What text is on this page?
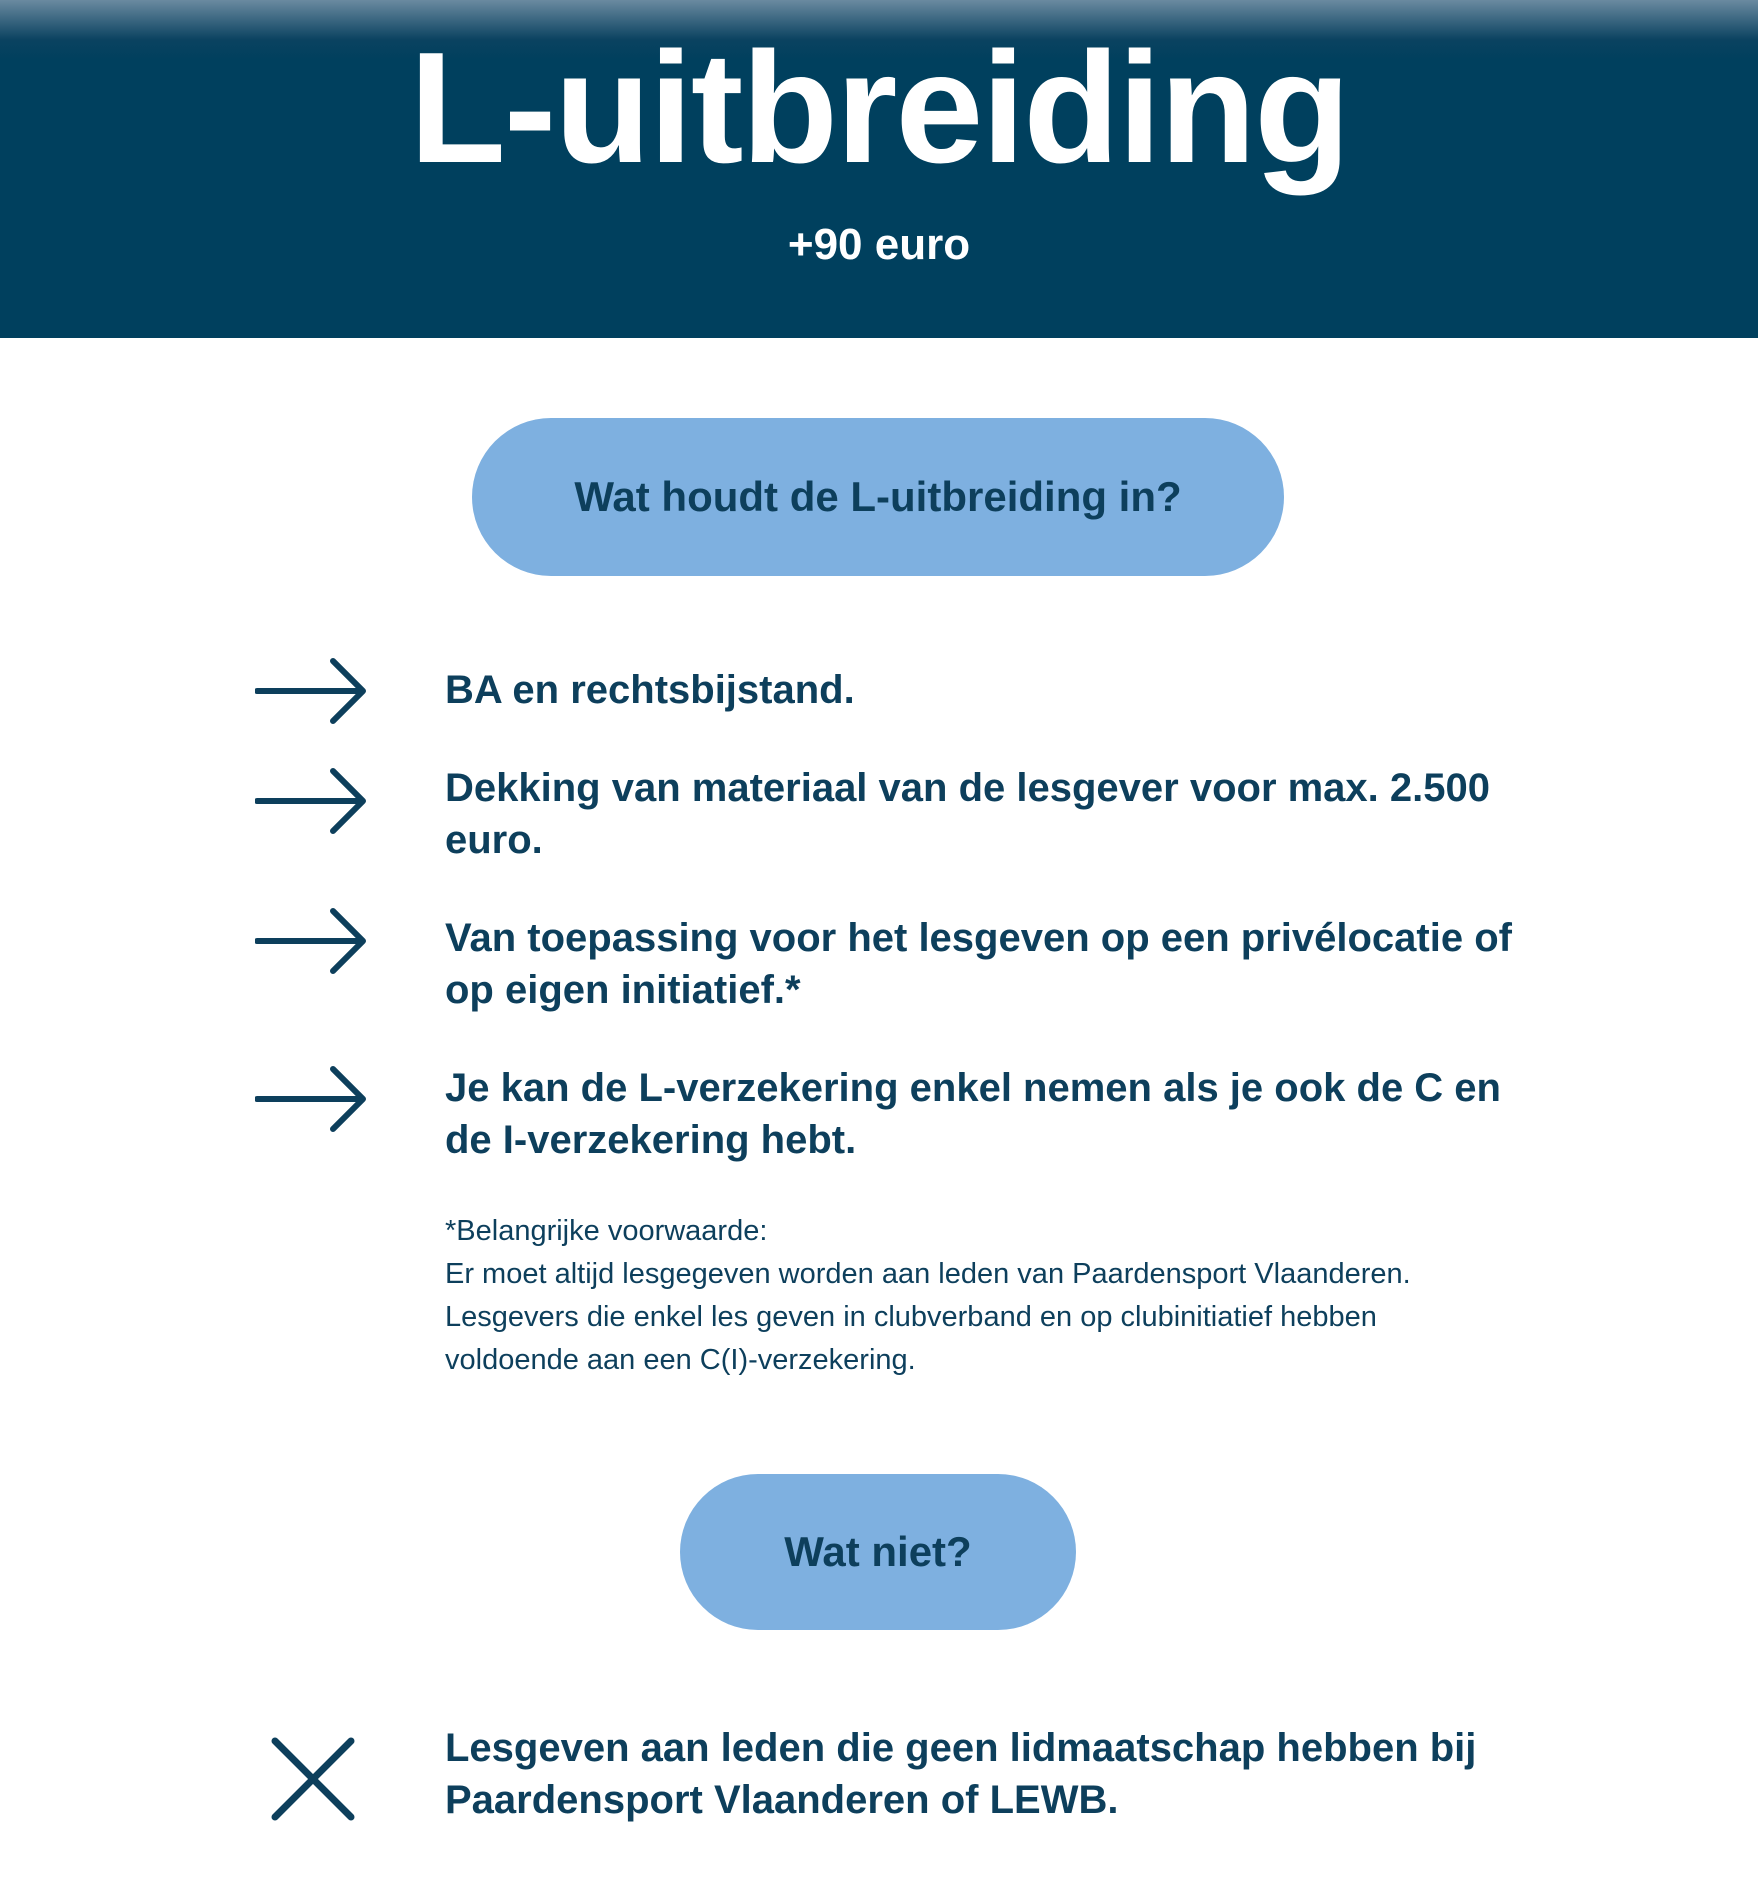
L-uitbreiding
+90 euro
Wat houdt de L-uitbreiding in?
BA en rechtsbijstand.
Dekking van materiaal van de lesgever voor max. 2.500 euro.
Van toepassing voor het lesgeven op een privélocatie of op eigen initiatief.*
Je kan de L-verzekering enkel nemen als je ook de C en de I-verzekering hebt.
*Belangrijke voorwaarde:
Er moet altijd lesgegeven worden aan leden van Paardensport Vlaanderen. Lesgevers die enkel les geven in clubverband en op clubinitiatief hebben voldoende aan een C(I)-verzekering.
Wat niet?
Lesgeven aan leden die geen lidmaatschap hebben bij Paardensport Vlaanderen of LEWB.
